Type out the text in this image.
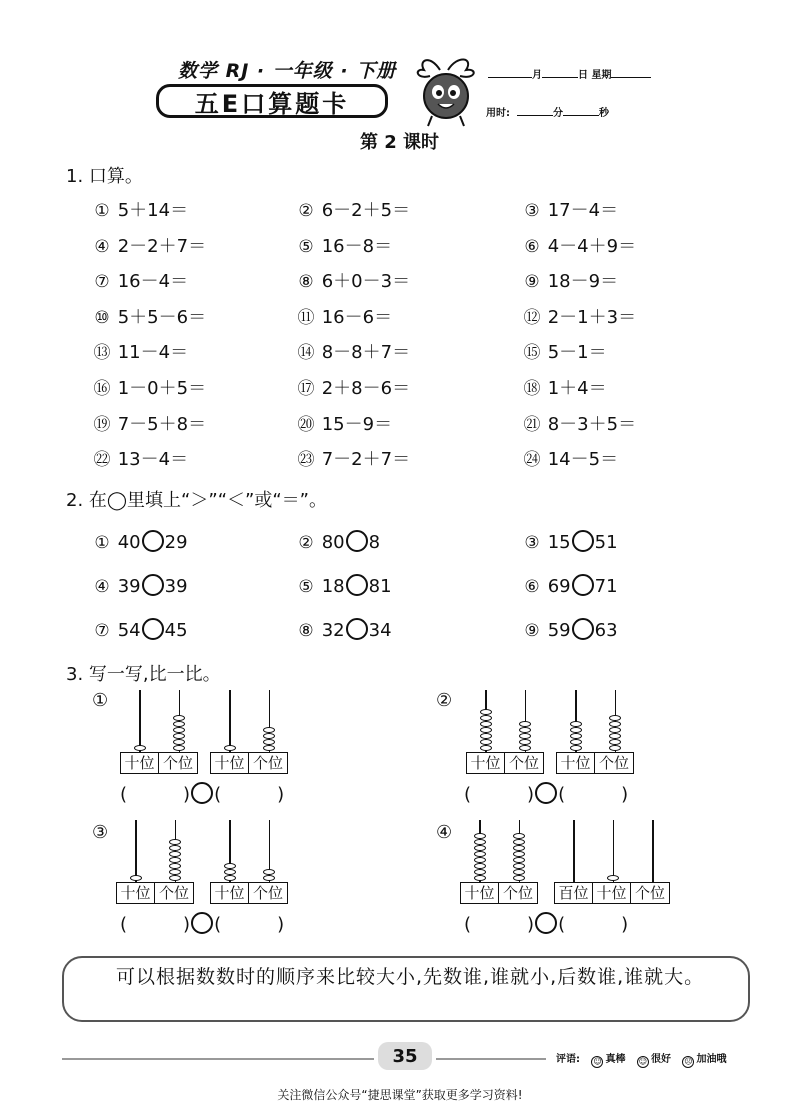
数学 RJ · 一年级 · 下册
五E口算题卡
月	日 星期
用时:	分	秒
第 2 课时
1. 口算。
① 5＋14＝	② 6－2＋5＝	③ 17－4＝
④ 2－2＋7＝	⑤ 16－8＝	⑥ 4－4＋9＝
⑦ 16－4＝	⑧ 6＋0－3＝	⑨ 18－9＝
⑩ 5＋5－6＝	⑪ 16－6＝	⑫ 2－1＋3＝
⑬ 11－4＝	⑭ 8－8＋7＝	⑮ 5－1＝
⑯ 1－0＋5＝	⑰ 2＋8－6＝	⑱ 1＋4＝
⑲ 7－5＋8＝	⑳ 15－9＝	㉑ 8－3＋5＝
㉒ 13－4＝	㉓ 7－2＋7＝	㉔ 14－5＝
2. 在◯里填上“＞”“＜”或“＝”。
① 40 29	② 80 8	③ 15 51
④ 39 39	⑤ 18 81	⑥ 69 71
⑦ 54 45	⑧ 32 34	⑨ 59 63
3. 写一写,比一比。
①
十位 个位 十位 个位
(	) (	)
②
十位 个位 十位 个位
(	) (	)
③
十位 个位 十位 个位
(	) (	)
④
十位 个位 百位 十位 个位
(	) (	)
可以根据数数时的顺序来比较大小,先数谁,谁就小,后数谁,谁就大。
35	评语: ☺ 真棒 ☺ 很好 ☹ 加油哦
关注微信公众号“捷思课堂”获取更多学习资料!
